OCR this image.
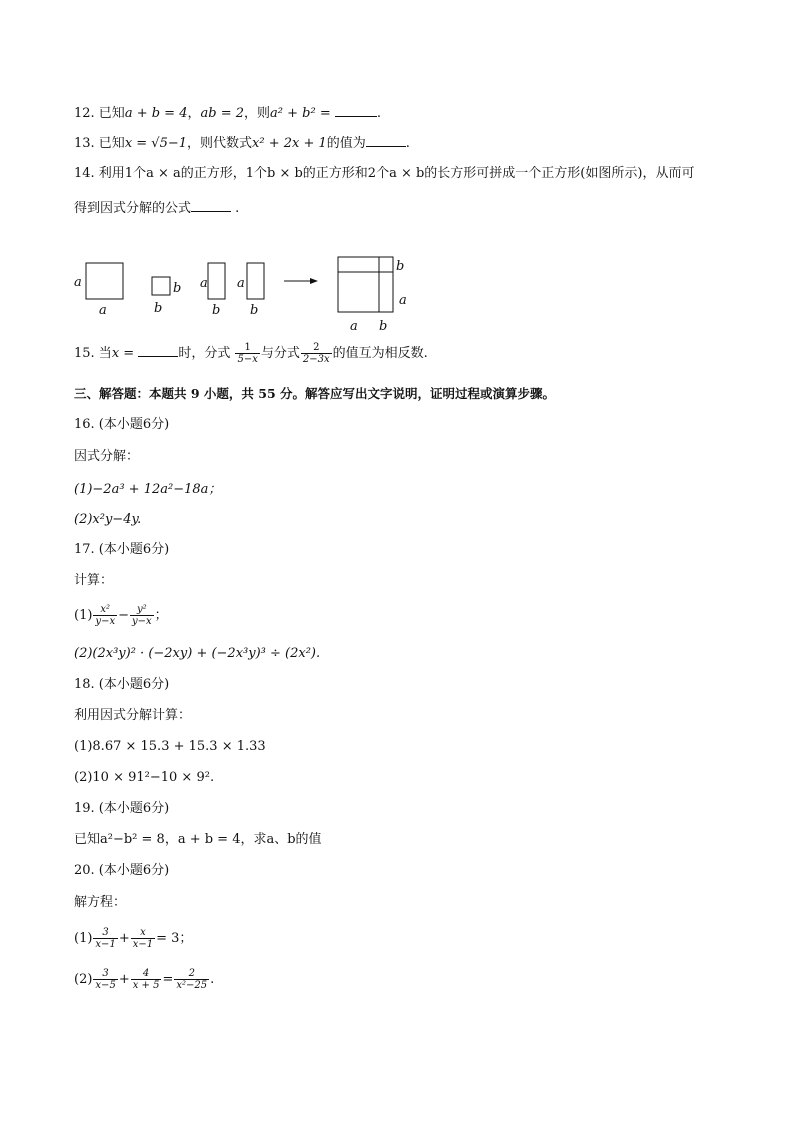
12. 已知a + b = 4，ab = 2，则a² + b² =	.
13. 已知x = √5−1，则代数式x² + 2x + 1的值为	.
14. 利用1个a × a的正方形，1个b × b的正方形和2个a × b的长方形可拼成一个正方形(如图所示)，从而可
得到因式分解的公式	.
a
a
b
b
a
b
a
b
b
a
a b
15. 当x =	时，分式 $\frac{1}{5-x}$ 与分式 $\frac{2}{2-3x}$ 的值互为相反数.
三、解答题：本题共 9 小题，共 55 分。解答应写出文字说明，证明过程或演算步骤。
16. (本小题6分)
因式分解：
(1)−2a³ + 12a²−18a；
(2)x²y−4y.
17. (本小题6分)
计算：
$(1) \frac{\text{x²}}{y-x} - \frac{\text{y²}}{y-x}$ ；
(2)(2x³y)² · (−2xy) + (−2x³y)³ ÷ (2x²).
18. (本小题6分)
利用因式分解计算：
(1)8.67 × 15.3 + 15.3 × 1.33
(2)10 × 91²−10 × 9².
19. (本小题6分)
已知a²−b² = 8，a + b = 4，求a、b的值
20. (本小题6分)
解方程：
$(1) \frac{3}{x-1} + \frac{x}{x-1} = 3$；
$(2) \frac{3}{x-5} + \frac{4}{x + 5} = \frac{2}{\text{x²−25}}$ .
